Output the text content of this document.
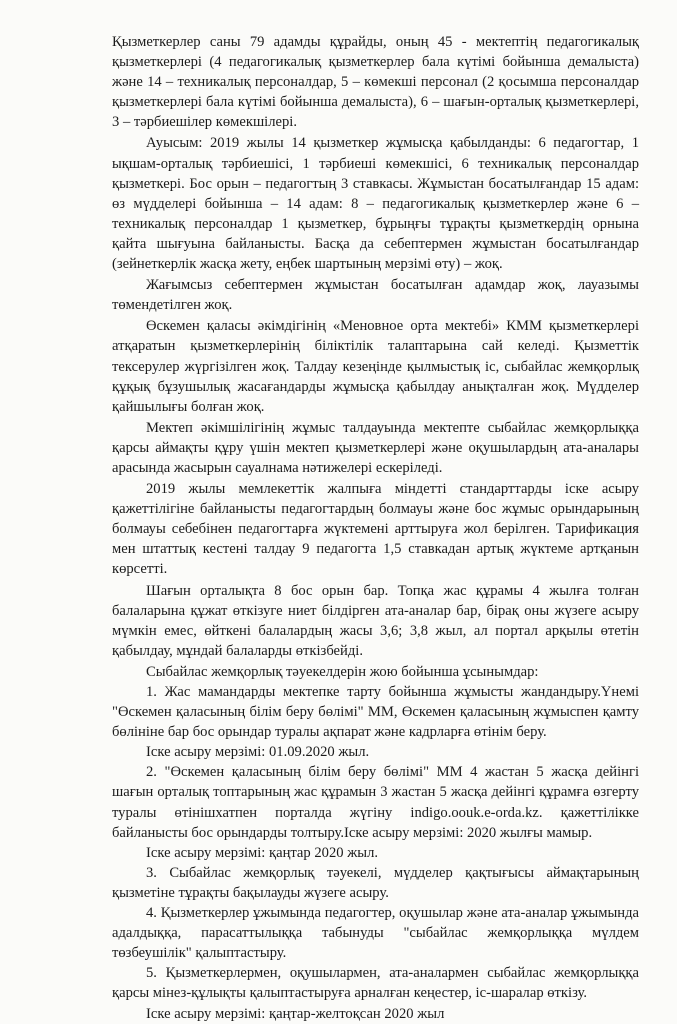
Қызметкерлер саны 79 адамды құрайды, оның 45 - мектептің педагогикалық қызметкерлері (4 педагогикалық қызметкерлер бала күтімі бойынша демалыста) және 14 – техникалық персоналдар, 5 – көмекші персонал (2 қосымша персоналдар қызметкерлері бала күтімі бойынша демалыста), 6 – шағын-орталық қызметкерлері, 3 – тәрбиешілер көмекшілері.

Ауысым: 2019 жылы 14 қызметкер жұмысқа қабылданды: 6 педагогтар, 1 ықшам-орталық тәрбиешісі, 1 тәрбиеші көмекшісі, 6 техникалық персоналдар қызметкері. Бос орын – педагогтың 3 ставкасы. Жұмыстан босатылғандар 15 адам: өз мүдделері бойынша – 14 адам: 8 – педагогикалық қызметкерлер және 6 – техникалық персоналдар 1 қызметкер, бұрыңғы тұрақты қызметкердің орнына қайта шығуына байланысты. Басқа да себептермен жұмыстан босатылғандар (зейнеткерлік жасқа жету, еңбек шартының мерзімі өту) – жоқ.

Жағымсыз себептермен жұмыстан босатылған адамдар жоқ, лауазымы төмендетілген жоқ.

Өскемен қаласы әкімдігінің «Меновное орта мектебі» КММ қызметкерлері атқаратын қызметкерлерінің біліктілік талаптарына сай келеді. Қызметтік тексерулер жүргізілген жоқ. Талдау кезеңінде қылмыстық іс, сыбайлас жемқорлық құқық бұзушылық жасағандарды жұмысқа қабылдау анықталған жоқ. Мүдделер қайшылығы болған жоқ.

Мектеп әкімшілігінің жұмыс талдауында мектепте сыбайлас жемқорлыққа қарсы аймақты құру үшін мектеп қызметкерлері және оқушылардың ата-аналары арасында жасырын сауалнама нәтижелері ескеріледі.

2019 жылы мемлекеттік жалпыға міндетті стандарттарды іске асыру қажеттілігіне байланысты педагогтардың болмауы және бос жұмыс орындарының болмауы себебінен педагогтарға жүктемені арттыруға жол берілген. Тарификация мен штаттық кестені талдау 9 педагогта 1,5 ставкадан артық жүктеме артқанын көрсетті.

Шағын орталықта 8 бос орын бар. Топқа жас құрамы 4 жылға толған балаларына құжат өткізуге ниет білдірген ата-аналар бар, бірақ оны жүзеге асыру мүмкін емес, өйткені балалардың жасы 3,6; 3,8 жыл, ал портал арқылы өтетін қабылдау, мұндай балаларды өткізбейді.

Сыбайлас жемқорлық тәуекелдерін жою бойынша ұсынымдар:

1. Жас мамандарды мектепке тарту бойынша жұмысты жандандыру.Үнемі "Өскемен қаласының білім беру бөлімі" ММ, Өскемен қаласының жұмыспен қамту бөлініне бар бос орындар туралы ақпарат және кадрларға өтінім беру.

Іске асыру мерзімі: 01.09.2020 жыл.

2. "Өскемен қаласының білім беру бөлімі" ММ 4 жастан 5 жасқа дейінгі шағын орталық топтарының жас құрамын 3 жастан 5 жасқа дейінгі құрамға өзгерту туралы өтінішхатпен порталда жүгіну indigo.oouk.e-orda.kz. қажеттілікке байланысты бос орындарды толтыру.Іске асыру мерзімі: 2020 жылғы мамыр.

Іске асыру мерзімі: қаңтар 2020 жыл.

3. Сыбайлас жемқорлық тәуекелі, мүдделер қақтығысы аймақтарының қызметіне тұрақты бақылауды жүзеге асыру.

4. Қызметкерлер ұжымында педагогтер, оқушылар және ата-аналар ұжымында адалдыққа, парасаттылыққа табынуды "сыбайлас жемқорлыққа мүлдем төзбеушілік" қалыптастыру.

5. Қызметкерлермен, оқушылармен, ата-аналармен сыбайлас жемқорлыққа қарсы мінез-құлықты қалыптастыруға арналған кеңестер, іс-шаралар өткізу.

Іске асыру мерзімі: қаңтар-желтоқсан 2020 жыл
